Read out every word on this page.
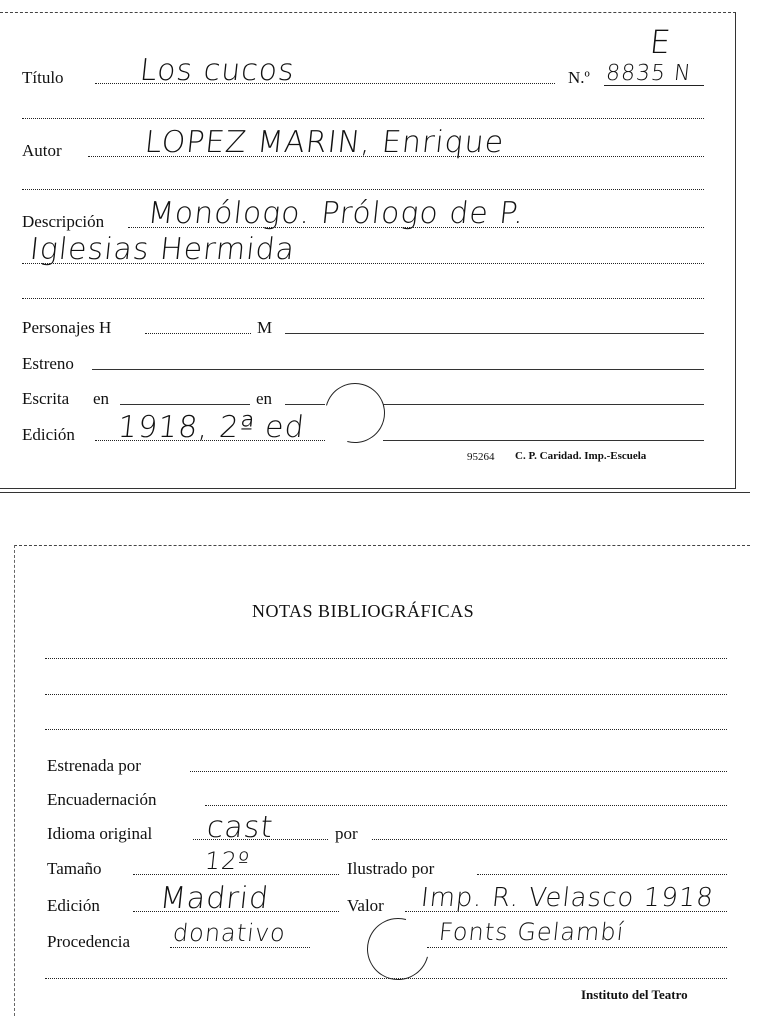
E
Título Los cucos	N.º 8835 N
Autor	LOPEZ MARIN, Enrique
Descripción Monólogo. Prólogo de P.
Iglesias Hermida
Personajes H	M
Estreno
Escrita en	en
Edición 1918, 2ª ed
95264 C. P. Caridad. Imp.-Escuela
NOTAS BIBLIOGRÁFICAS
Estrenada por
Encuadernación
Idioma original cast	por
Tamaño	12º	Ilustrado por
Edición Madrid	Valor Imp. R. Velasco 1918
Procedencia donativo	Fonts Gelambí
Instituto del Teatro
